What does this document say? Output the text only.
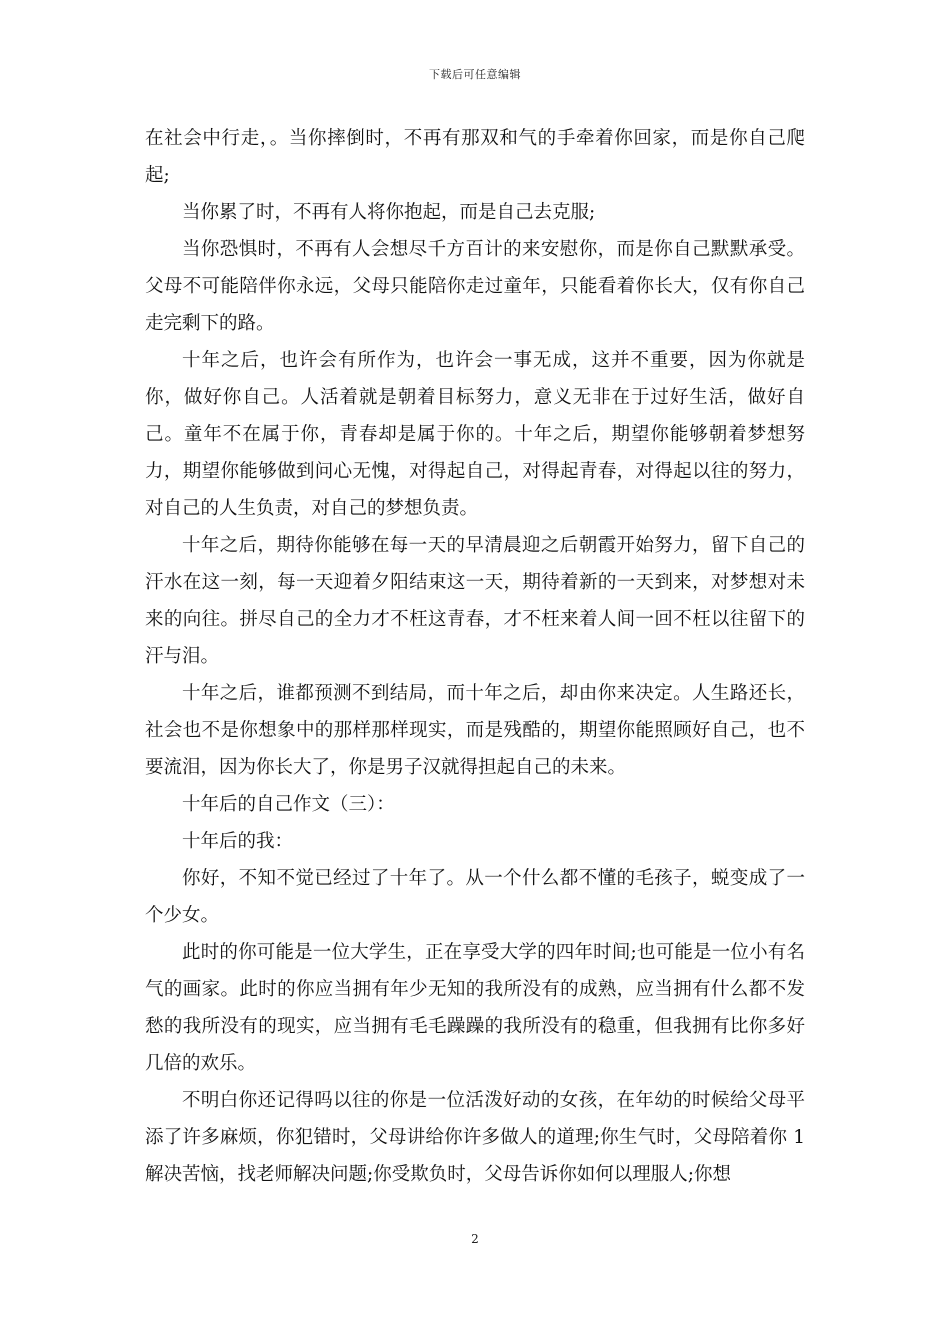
下载后可任意编辑

在社会中行走，。当你摔倒时，不再有那双和气的手牵着你回家，而是你自己爬起;

当你累了时，不再有人将你抱起，而是自己去克服;

当你恐惧时，不再有人会想尽千方百计的来安慰你，而是你自己默默承受。父母不可能陪伴你永远，父母只能陪你走过童年，只能看着你长大，仅有你自己走完剩下的路。

十年之后，也许会有所作为，也许会一事无成，这并不重要，因为你就是你，做好你自己。人活着就是朝着目标努力，意义无非在于过好生活，做好自己。童年不在属于你，青春却是属于你的。十年之后，期望你能够朝着梦想努力，期望你能够做到问心无愧，对得起自己，对得起青春，对得起以往的努力，对自己的人生负责，对自己的梦想负责。

十年之后，期待你能够在每一天的早清晨迎之后朝霞开始努力，留下自己的汗水在这一刻，每一天迎着夕阳结束这一天，期待着新的一天到来，对梦想对未来的向往。拼尽自己的全力才不枉这青春，才不枉来着人间一回不枉以往留下的汗与泪。

十年之后，谁都预测不到结局，而十年之后，却由你来决定。人生路还长，社会也不是你想象中的那样那样现实，而是残酷的，期望你能照顾好自己，也不要流泪，因为你长大了，你是男子汉就得担起自己的未来。

十年后的自己作文（三）：

十年后的我：

你好，不知不觉已经过了十年了。从一个什么都不懂的毛孩子，蜕变成了一个少女。

此时的你可能是一位大学生，正在享受大学的四年时间;也可能是一位小有名气的画家。此时的你应当拥有年少无知的我所没有的成熟，应当拥有什么都不发愁的我所没有的现实，应当拥有毛毛躁躁的我所没有的稳重，但我拥有比你多好几倍的欢乐。

不明白你还记得吗以往的你是一位活泼好动的女孩，在年幼的时候给父母平添了许多麻烦，你犯错时，父母讲给你许多做人的道理;你生气时，父母陪着你 1 解决苦恼，找老师解决问题;你受欺负时，父母告诉你如何以理服人;你想

2
